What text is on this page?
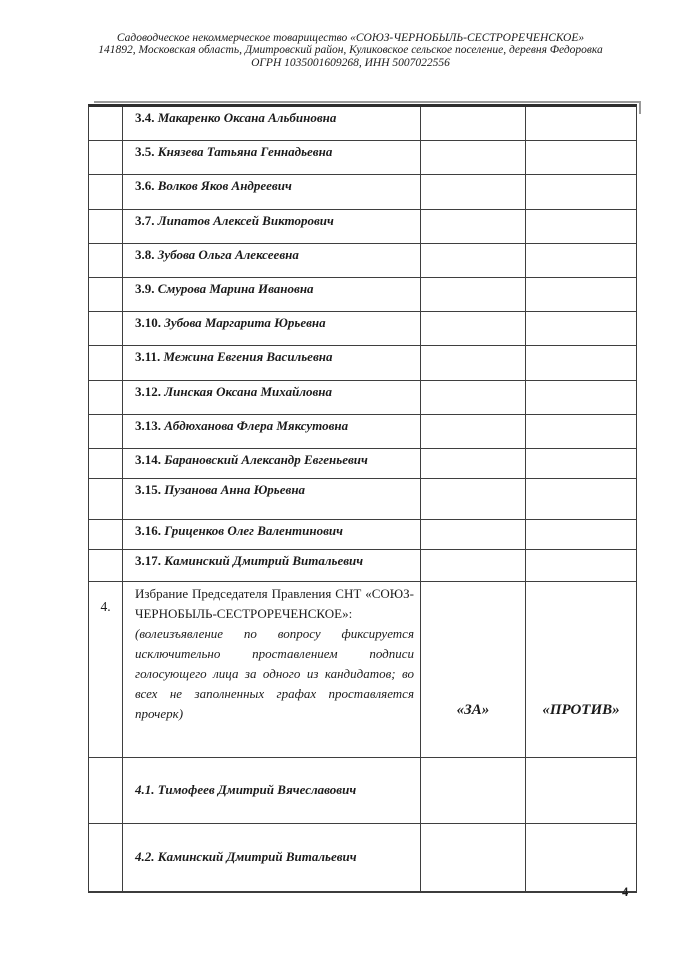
Садоводческое некоммерческое товарищество «СОЮЗ-ЧЕРНОБЫЛЬ-СЕСТРОРЕЧЕНСКОЕ»
141892, Московская область, Дмитровский район, Куликовское сельское поселение, деревня Федоровка
ОГРН 1035001609268, ИНН 5007022556
3.4. Макаренко Оксана Альбиновна
3.5. Князева Татьяна Геннадьевна
3.6. Волков Яков Андреевич
3.7. Липатов Алексей Викторович
3.8. Зубова Ольга Алексеевна
3.9. Смурова Марина Ивановна
3.10. Зубова Маргарита Юрьевна
3.11. Межина Евгения Васильевна
3.12. Линская Оксана Михайловна
3.13. Абдюханова Флера Мяксутовна
3.14. Барановский Александр Евгеньевич
3.15. Пузанова Анна Юрьевна
3.16. Гриценков Олег Валентинович
3.17. Каминский Дмитрий Витальевич
4.
Избрание Председателя Правления СНТ «СОЮЗ-ЧЕРНОБЫЛЬ-СЕСТРОРЕЧЕНСКОЕ»: (волеизъявление по вопросу фиксируется исключительно проставлением подписи голосующего лица за одного из кандидатов; во всех не заполненных графах проставляется прочерк)	«ЗА»	«ПРОТИВ»
4.1. Тимофеев Дмитрий Вячеславович
4.2. Каминский Дмитрий Витальевич
4
